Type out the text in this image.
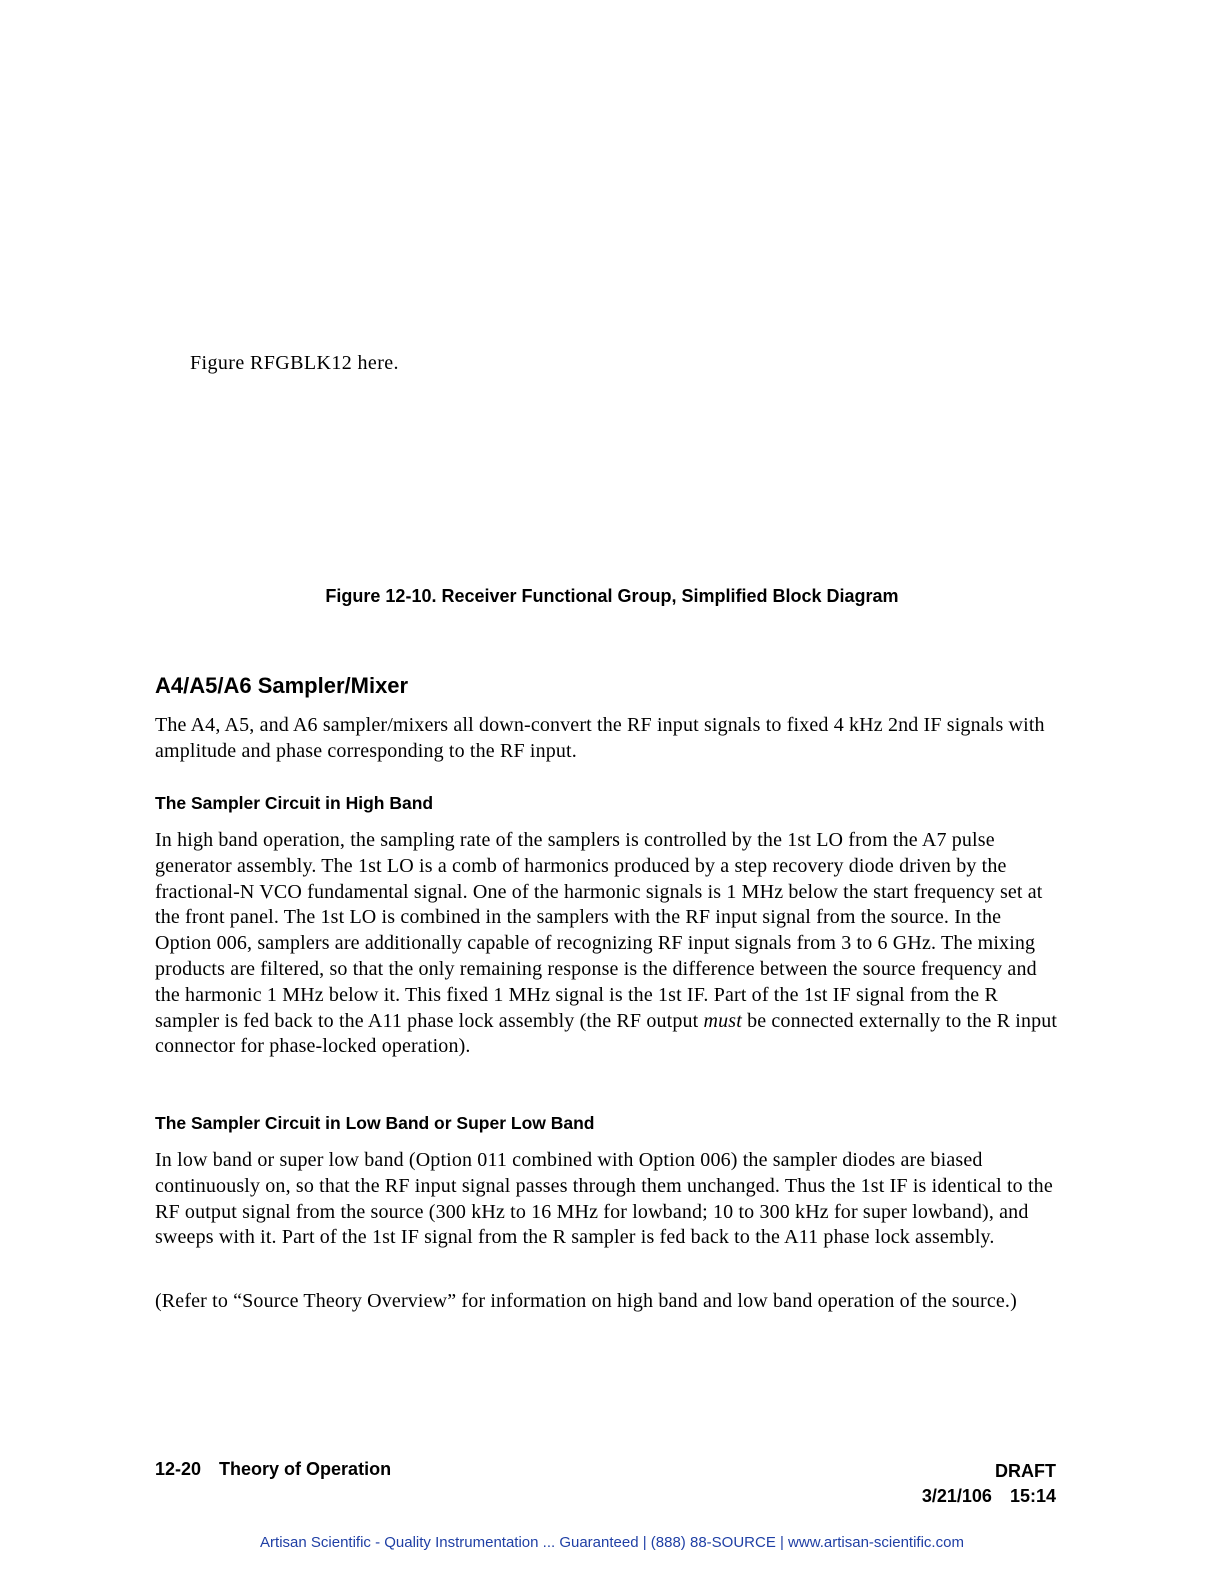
Figure RFGBLK12 here.
Figure 12-10. Receiver Functional Group, Simplified Block Diagram
A4/A5/A6 Sampler/Mixer

The A4, A5, and A6 sampler/mixers all down-convert the RF input signals to fixed 4 kHz 2nd IF signals with amplitude and phase corresponding to the RF input.

The Sampler Circuit in High Band

In high band operation, the sampling rate of the samplers is controlled by the 1st LO from the A7 pulse generator assembly. The 1st LO is a comb of harmonics produced by a step recovery diode driven by the fractional-N VCO fundamental signal. One of the harmonic signals is 1 MHz below the start frequency set at the front panel. The 1st LO is combined in the samplers with the RF input signal from the source. In the Option 006, samplers are additionally capable of recognizing RF input signals from 3 to 6 GHz. The mixing products are filtered, so that the only remaining response is the difference between the source frequency and the harmonic 1 MHz below it. This fixed 1 MHz signal is the 1st IF. Part of the 1st IF signal from the R sampler is fed back to the A11 phase lock assembly (the RF output must be connected externally to the R input connector for phase-locked operation).

The Sampler Circuit in Low Band or Super Low Band

In low band or super low band (Option 011 combined with Option 006) the sampler diodes are biased continuously on, so that the RF input signal passes through them unchanged. Thus the 1st IF is identical to the RF output signal from the source (300 kHz to 16 MHz for lowband; 10 to 300 kHz for super lowband), and sweeps with it. Part of the 1st IF signal from the R sampler is fed back to the A11 phase lock assembly.

(Refer to “Source Theory Overview” for information on high band and low band operation of the source.)

12-20 Theory of Operation	DRAFT
3/21/106 15:14
Artisan Scientific - Quality Instrumentation ... Guaranteed | (888) 88-SOURCE | www.artisan-scientific.com
